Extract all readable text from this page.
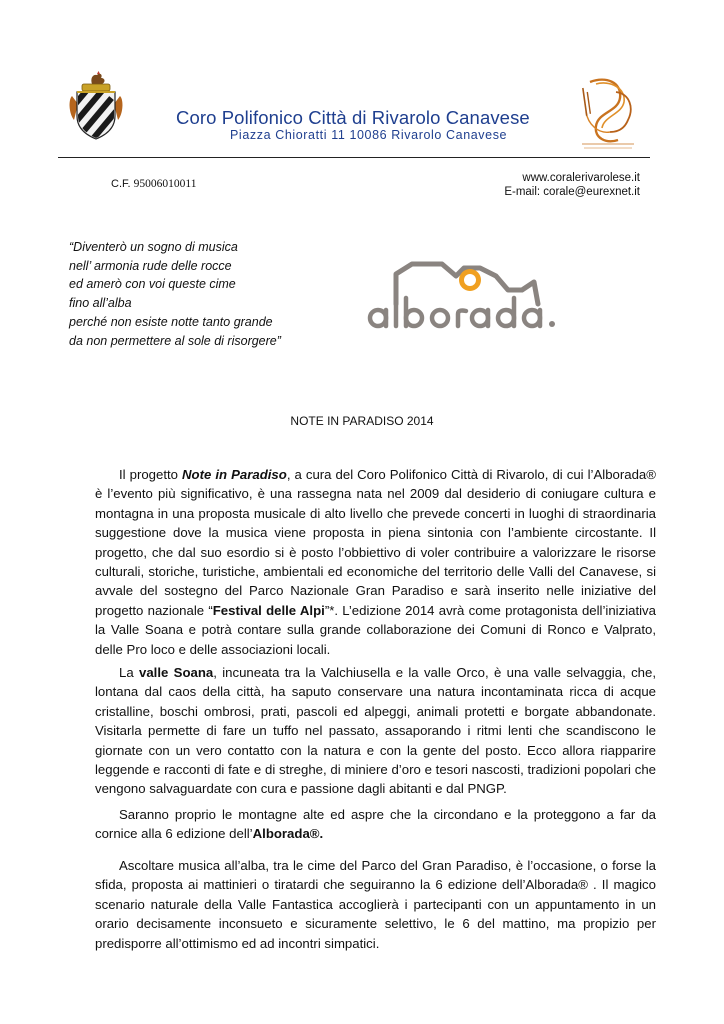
Coro Polifonico Città di Rivarolo Canavese
Piazza Chioratti 11 10086 Rivarolo Canavese
C.F. 95006010011	www.coralerivarolese.it
E-mail: corale@eurexnet.it
“Diventerò un sogno di musica
nell’ armonia rude delle rocce
ed amerò con voi queste cime
fino all’alba
perché non esiste notte tanto grande
da non permettere al sole di risorgere”
NOTE IN PARADISO 2014

Il progetto Note in Paradiso, a cura del Coro Polifonico Città di Rivarolo, di cui l’Alborada® è l’evento più significativo, è una rassegna nata nel 2009 dal desiderio di coniugare cultura e montagna in una proposta musicale di alto livello che prevede concerti in luoghi di straordinaria suggestione dove la musica viene proposta in piena sintonia con l’ambiente circostante. Il progetto, che dal suo esordio si è posto l’obbiettivo di voler contribuire a valorizzare le risorse culturali, storiche, turistiche, ambientali ed economiche del territorio delle Valli del Canavese, si avvale del sostegno del Parco Nazionale Gran Paradiso e sarà inserito nelle iniziative del progetto nazionale “Festival delle Alpi”*. L’edizione 2014 avrà come protagonista dell’iniziativa la Valle Soana e potrà contare sulla grande collaborazione dei Comuni di Ronco e Valprato, delle Pro loco e delle associazioni locali.

La valle Soana, incuneata tra la Valchiusella e la valle Orco, è una valle selvaggia, che, lontana dal caos della città, ha saputo conservare una natura incontaminata ricca di acque cristalline, boschi ombrosi, prati, pascoli ed alpeggi, animali protetti e borgate abbandonate. Visitarla permette di fare un tuffo nel passato, assaporando i ritmi lenti che scandiscono le giornate con un vero contatto con la natura e con la gente del posto. Ecco allora riapparire leggende e racconti di fate e di streghe, di miniere d’oro e tesori nascosti, tradizioni popolari che vengono salvaguardate con cura e passione dagli abitanti e dal PNGP.

Saranno proprio le montagne alte ed aspre che la circondano e la proteggono a far da cornice alla 6 edizione dell’Alborada®.

Ascoltare musica all’alba, tra le cime del Parco del Gran Paradiso, è l’occasione, o forse la sfida, proposta ai mattinieri o tiratardi che seguiranno la 6 edizione dell’Alborada® . Il magico scenario naturale della Valle Fantastica accoglierà i partecipanti con un appuntamento in un orario decisamente inconsueto e sicuramente selettivo, le 6 del mattino, ma propizio per predisporre all’ottimismo ed ad incontri simpatici.
